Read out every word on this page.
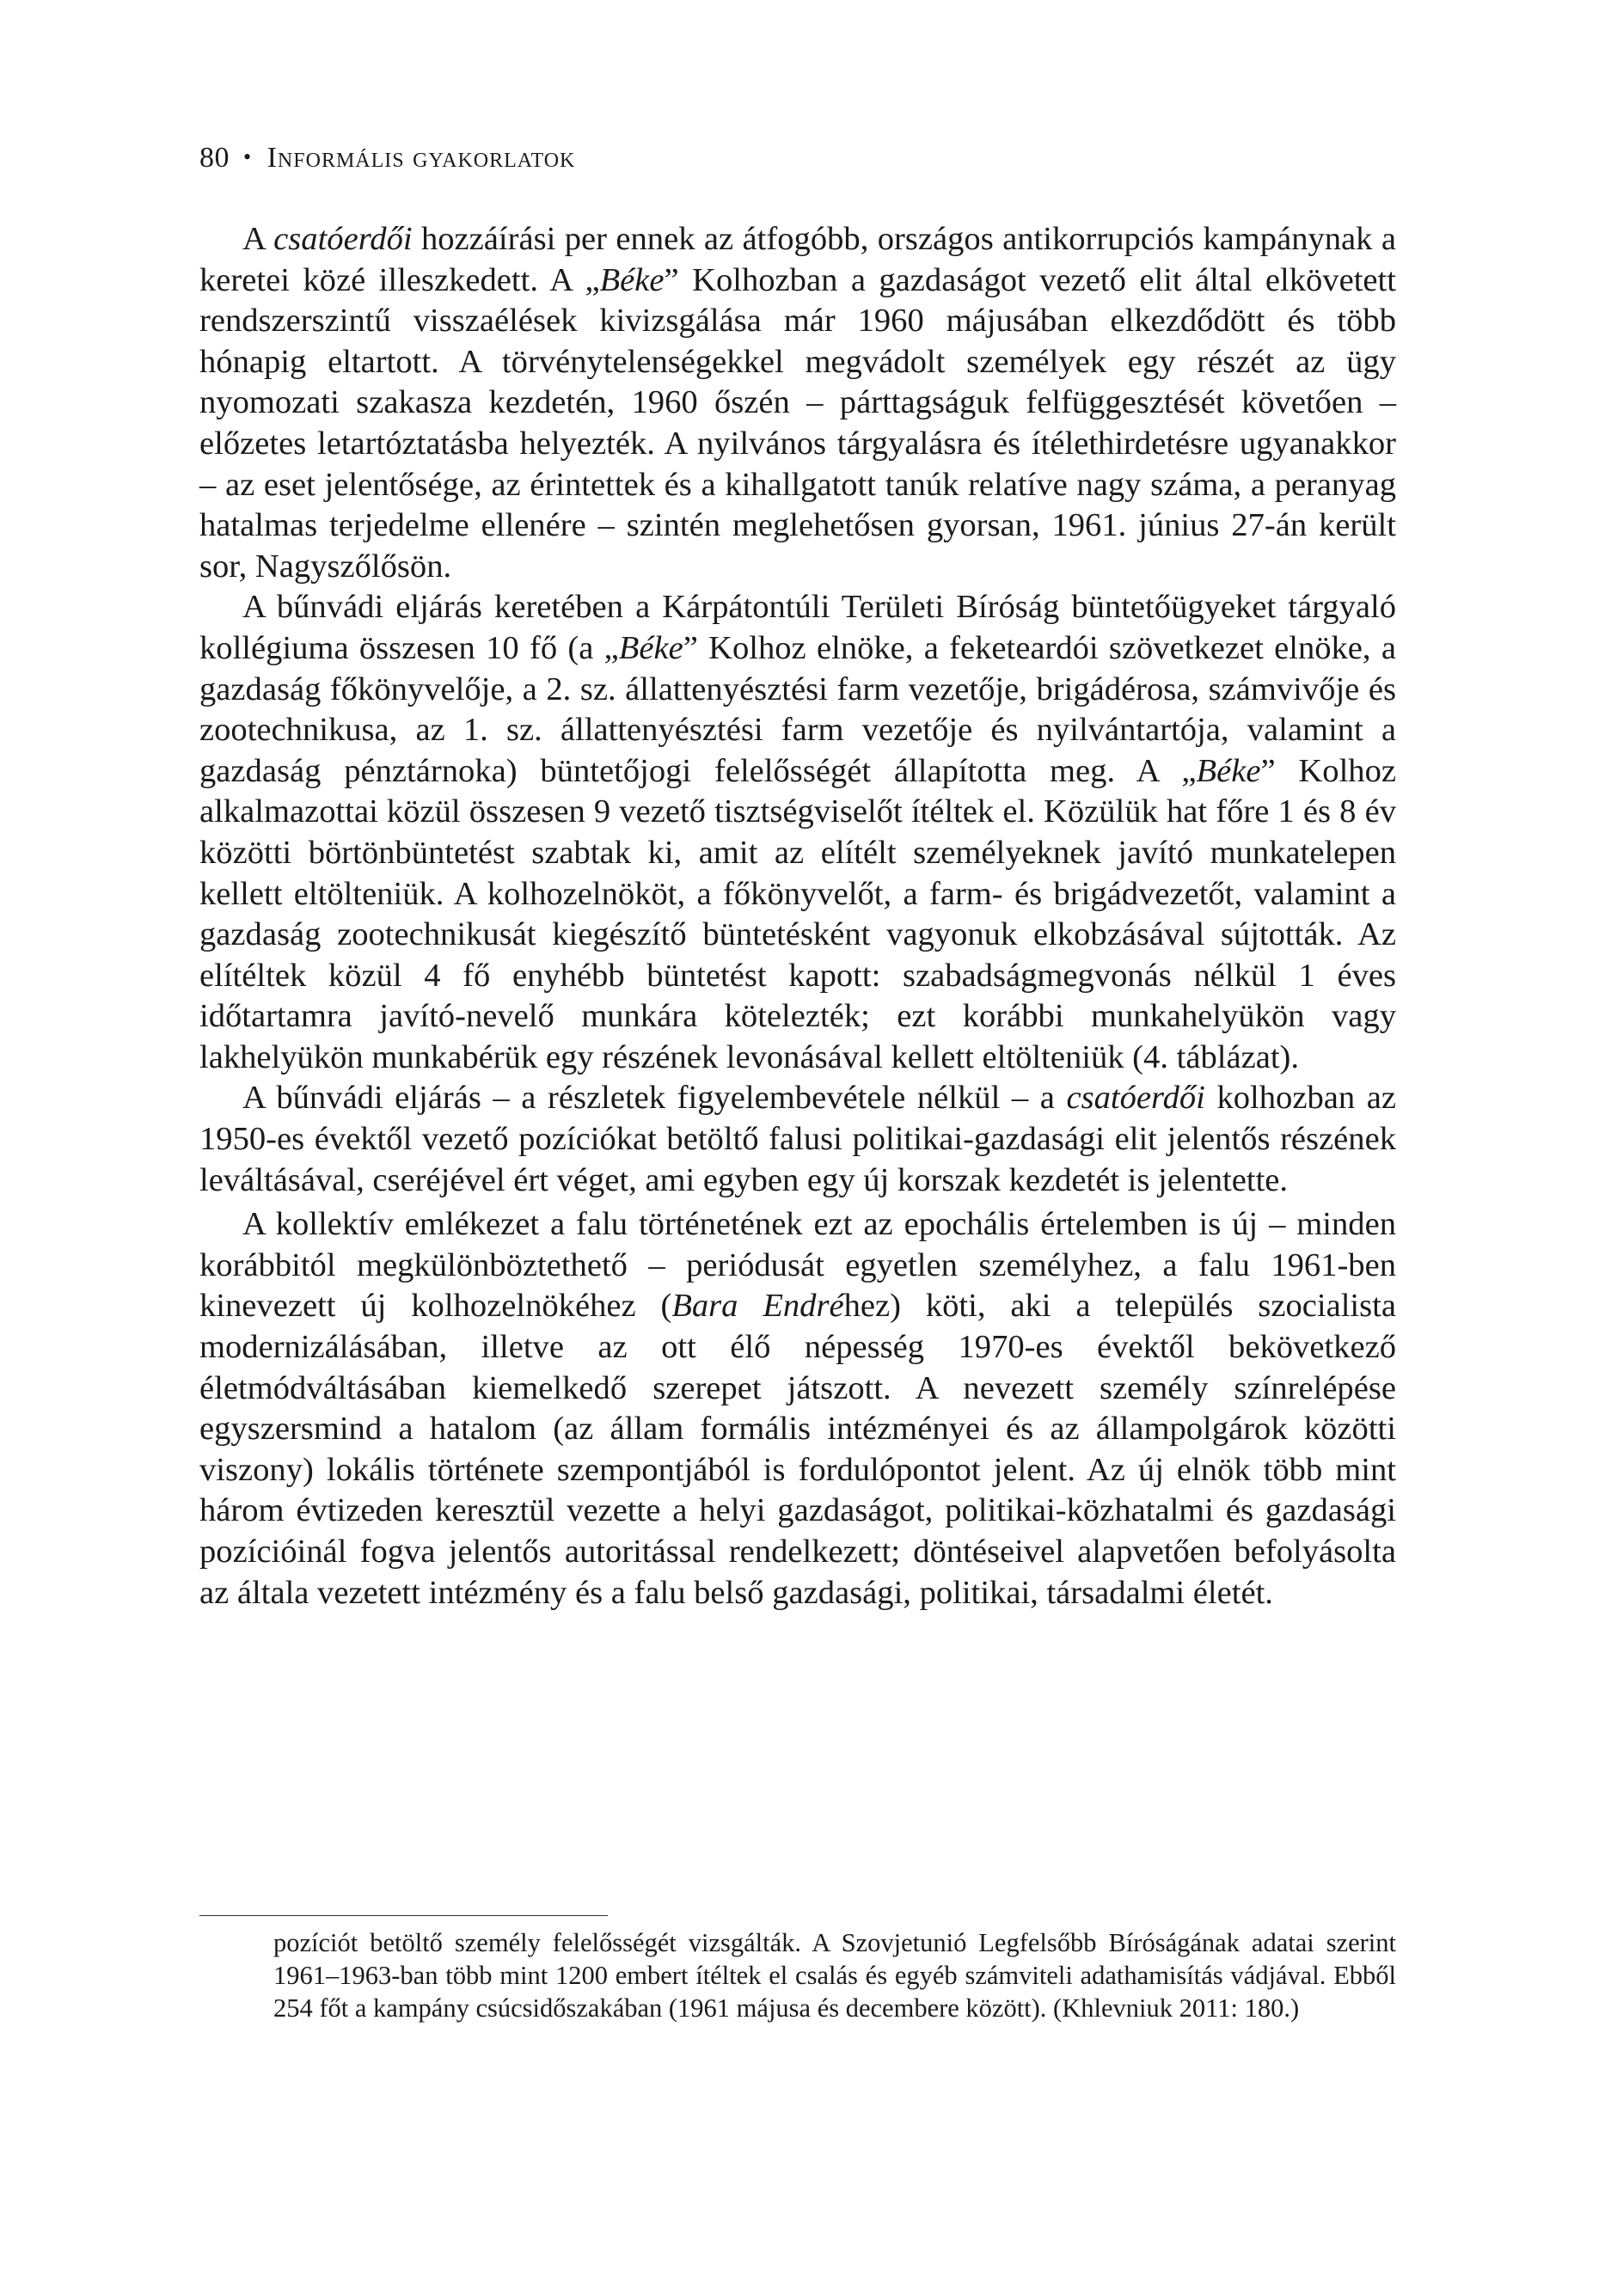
80 • Informális gyakorlatok

A csatóerdői hozzáírási per ennek az átfogóbb, országos antikorrupciós kampánynak a keretei közé illeszkedett. A „Béke” Kolhozban a gazdaságot vezető elit által elkövetett rendszerszintű visszaélések kivizsgálása már 1960 májusában elkezdődött és több hónapig eltartott. A törvénytelenségekkel megvádolt személyek egy részét az ügy nyomozati szakasza kezdetén, 1960 őszén – párttagságuk felfüggesztését követően – előzetes letartóztatásba helyezték. A nyilvános tárgyalásra és ítélethirdetésre ugyanakkor – az eset jelentősége, az érintettek és a kihallgatott tanúk relatíve nagy száma, a peranyag hatalmas terjedelme ellenére – szintén meglehetősen gyorsan, 1961. június 27-án került sor, Nagyszőlősön.

A bűnvádi eljárás keretében a Kárpátontúli Területi Bíróság büntetőügyeket tárgyaló kollégiuma összesen 10 fő (a „Béke” Kolhoz elnöke, a feketeardói szövetkezet elnöke, a gazdaság főkönyvelője, a 2. sz. állattenyésztési farm vezetője, brigádérosa, számvivője és zootechnikusa, az 1. sz. állattenyésztési farm vezetője és nyilvántartója, valamint a gazdaság pénztárnoka) büntetőjogi felelősségét állapította meg. A „Béke” Kolhoz alkalmazottai közül összesen 9 vezető tisztségviselőt ítéltek el. Közülük hat főre 1 és 8 év közötti börtönbüntetést szabtak ki, amit az elítélt személyeknek javító munkatelepen kellett eltölteniük. A kolhozelnököt, a főkönyvelőt, a farm- és brigádvezetőt, valamint a gazdaság zootechnikusát kiegészítő büntetésként vagyonuk elkobzásával sújtották. Az elítéltek közül 4 fő enyhébb büntetést kapott: szabadságmegvonás nélkül 1 éves időtartamra javító-nevelő munkára kötelezték; ezt korábbi munkahelyükön vagy lakhelyükön munkabérük egy részének levonásával kellett eltölteniük (4. táblázat).

A bűnvádi eljárás – a részletek figyelembevétele nélkül – a csatóerdői kolhozban az 1950-es évektől vezető pozíciókat betöltő falusi politikai-gazdasági elit jelentős részének leváltásával, cseréjével ért véget, ami egyben egy új korszak kezdetét is jelentette.

A kollektív emlékezet a falu történetének ezt az epochális értelemben is új – minden korábbitól megkülönböztethető – periódusát egyetlen személyhez, a falu 1961-ben kinevezett új kolhozelnökéhez (Bara Endréhez) köti, aki a település szocialista modernizálásában, illetve az ott élő népesség 1970-es évektől bekövetkező életmódváltásában kiemelkedő szerepet játszott. A nevezett személy színrelépése egyszersmind a hatalom (az állam formális intézményei és az állampolgárok közötti viszony) lokális története szempontjából is fordulópontot jelent. Az új elnök több mint három évtizeden keresztül vezette a helyi gazdaságot, politikai-közhatalmi és gazdasági pozícióinál fogva jelentős autoritással rendelkezett; döntéseivel alapvetően befolyásolta az általa vezetett intézmény és a falu belső gazdasági, politikai, társadalmi életét.

pozíciót betöltő személy felelősségét vizsgálták. A Szovjetunió Legfelsőbb Bíróságának adatai szerint 1961–1963-ban több mint 1200 embert ítéltek el csalás és egyéb számviteli adathamisítás vádjával. Ebből 254 főt a kampány csúcsidőszakában (1961 májusa és decembere között). (Khlevniuk 2011: 180.)
